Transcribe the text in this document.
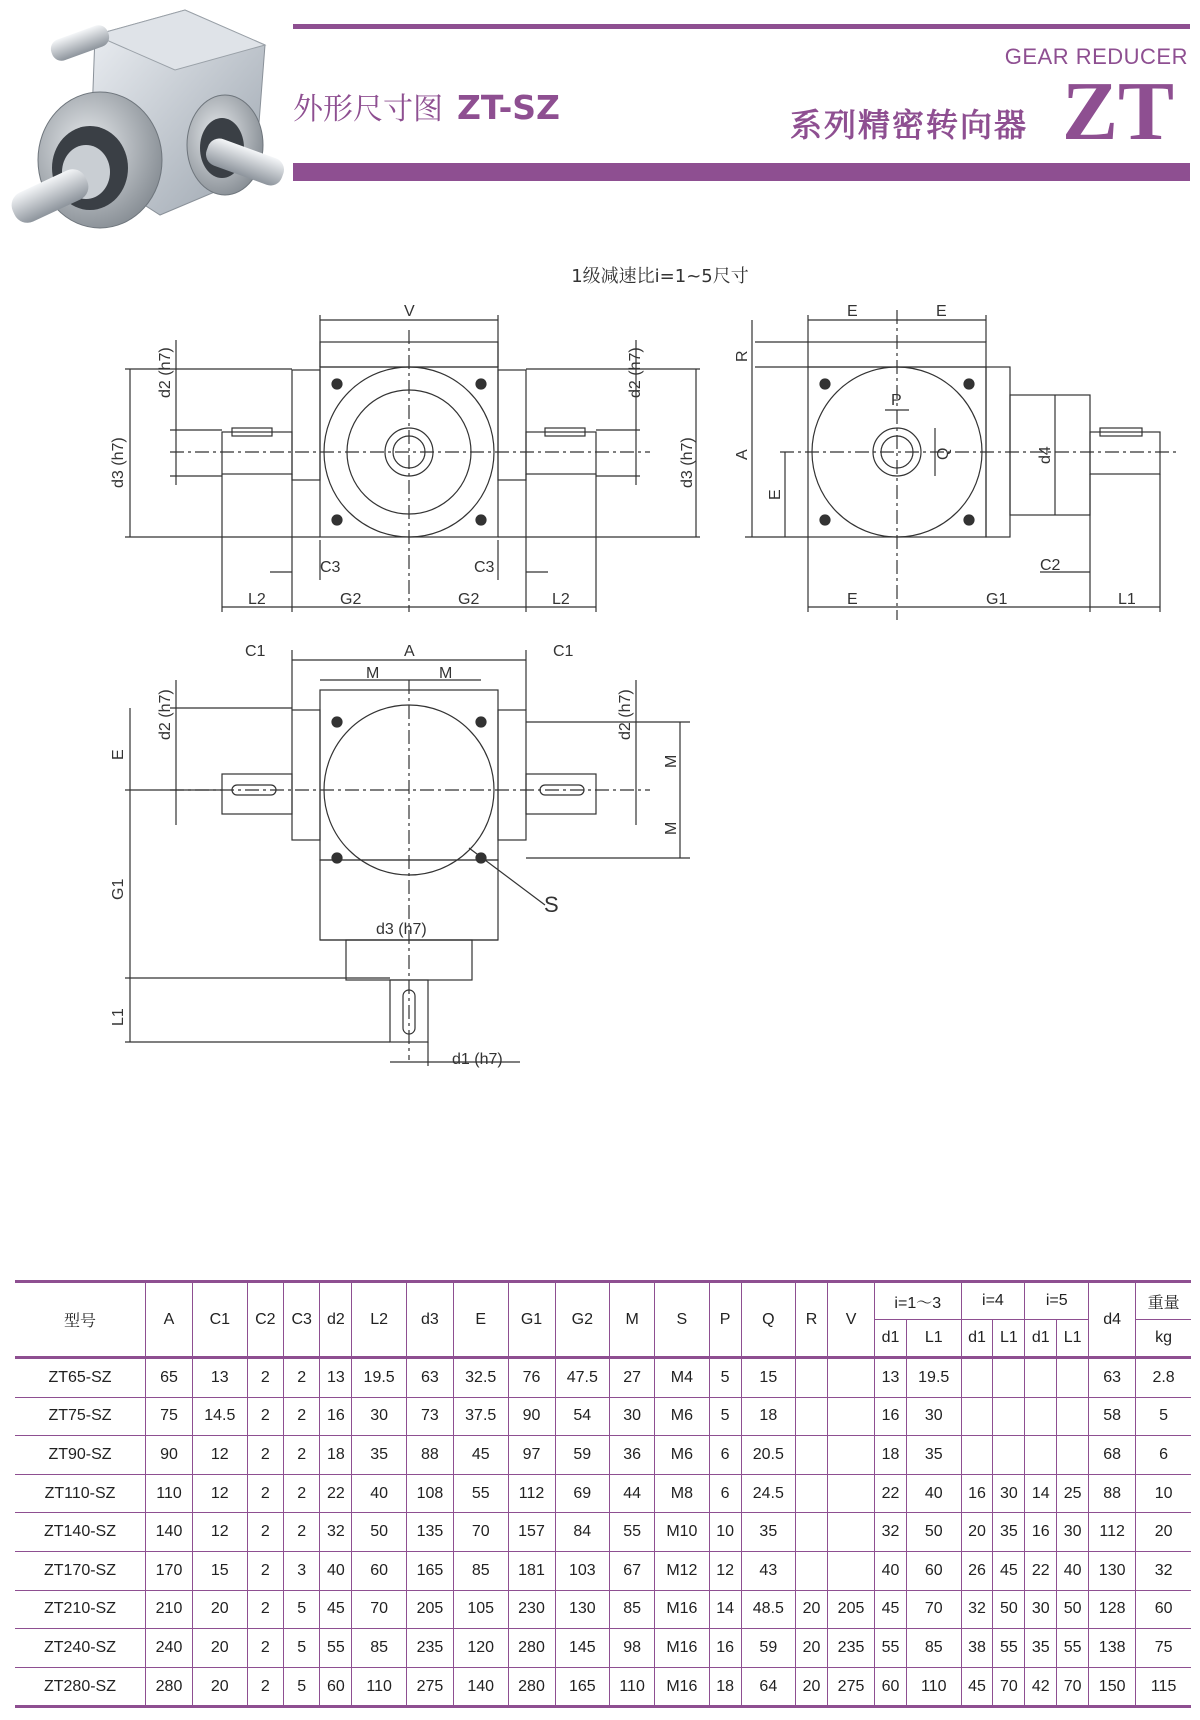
外形尺寸图 ZT-SZ
GEAR REDUCER
系列精密转向器 ZT
1级减速比i=1~5尺寸
V
d2 (h7)
d3 (h7)
d2 (h7)
d3 (h7)
C3	C3
L2	G2	G2	L2
E	E
R
A
E
P
Q	d4
C2
E	G1	L1
C1	A	C1
M	M
E
d2 (h7)	d2 (h7)
M
M
S
G1
d3 (h7)
L1
d1 (h7)
型号	A	C1	C2	C3	d2	L2	d3	E	G1	G2	M	S	P	Q	R	V	i=1～3		i=4		i=5		d4	重量
																	d1	L1	d1	L1	d1	L1		kg
ZT65-SZ	65	13	2	2	13	19.5	63	32.5	76	47.5	27	M4	5	15			13	19.5					63	2.8
ZT75-SZ	75	14.5	2	2	16	30	73	37.5	90	54	30	M6	5	18			16	30					58	5
ZT90-SZ	90	12	2	2	18	35	88	45	97	59	36	M6	6	20.5			18	35					68	6
ZT110-SZ	110	12	2	2	22	40	108	55	112	69	44	M8	6	24.5			22	40	16	30	14	25	88	10
ZT140-SZ	140	12	2	2	32	50	135	70	157	84	55	M10	10	35			32	50	20	35	16	30	112	20
ZT170-SZ	170	15	2	3	40	60	165	85	181	103	67	M12	12	43			40	60	26	45	22	40	130	32
ZT210-SZ	210	20	2	5	45	70	205	105	230	130	85	M16	14	48.5	20	205	45	70	32	50	30	50	128	60
ZT240-SZ	240	20	2	5	55	85	235	120	280	145	98	M16	16	59	20	235	55	85	38	55	35	55	138	75
ZT280-SZ	280	20	2	5	60	110	275	140	280	165	110	M16	18	64	20	275	60	110	45	70	42	70	150	115
